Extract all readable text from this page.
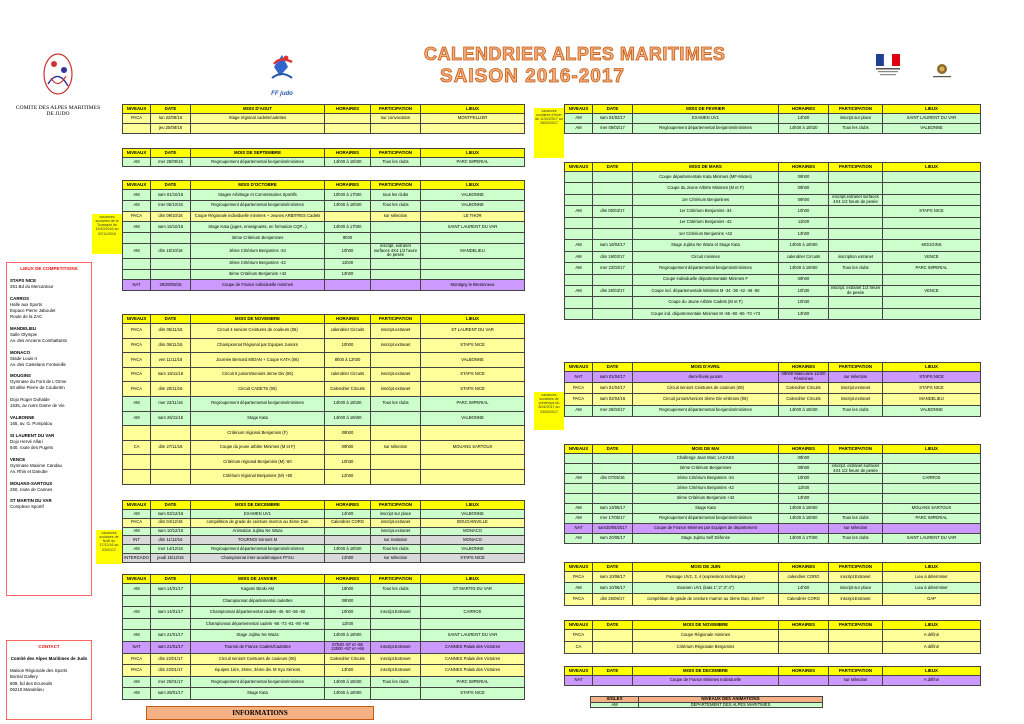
COMITE DES ALPES MARITIMES
DE JUDO
FF judo
CALENDRIER ALPES MARITIMES
SAISON 2016-2017
vacances scolaires d'hiver du 11/02/2017 au 26/02/2017
vacances scolaires de la Toussaint du 19/10/2016 au 02/11/2016
vacances scolaires de Noël du 17/12/16 au 03/01/17
vacances scolaires de printemps du 8/04/2017 au 23/04/2017
LIEUX DE COMPETITIONS
STAPS NICE
261 Bd du Mercantour
CARROS
Halle aux Sports
Espace Pierre Jaboulet
Route de la ZAC
MANDELIEU
Salle Olympie
Av. des Anciens Combattants
MONACO
Stade Louis II
Av. des Castelans Fontvieille
MOUGINS
Gymnase du Font de L'Orme
50 allée Pierre de Coubertin

Dojo Roger Duhalde
1635, av notre Dame de Vie
VALBONNE
165, av. G. Pompidou
St LAURENT DU VAR
Dojo Hervé Allari
840, route des Pugets
VENCE
Gymnase Maxime Candau
Av. Rhin et Danube
MOUANS-SARTOUX
250, route de Cannes
ST MARTIN DU VAR
Complexe Sportif
CONTACT
Comité des Alpes Maritimes de Judo
Maison Régionale des Sports
Boréal Gallery
809, bd des Ecureuils
06210 Mandelieu
INFORMATIONS
NIVEAUX	DATE	MOIS D'AOUT	HORAIRES	PARTICIPATION	LIEUX
PACA	lun 22/08/16	Stage régional cadets/cadettes		sur convocation	MONTPELLIER
	jeu 25/08/16				
NIVEAUX	DATE	MOIS DE SEPTEMBRE	HORAIRES	PARTICIPATION	LIEUX
AM	mer 28/09/16	Regroupement départemental benjamins/minimes	14h00 à 15h30	Tous les clubs	PARC IMPERIAL
NIVEAUX	DATE	MOIS D'OCTOBRE	HORAIRES	PARTICIPATION	LIEUX
AM	sam 01/10/16	Stages Arbitrage et Commissaires Sportifs	10h00 à 17h00	tous les clubs	VALBONNE
AM	mer 05/10/16	Regroupement départemental benjamins/minimes	14h00 à 15h30	Tous les clubs	VALBONNE
PACA	dim 09/10/16	Coupe Régionale individuelle minimes + Jeunes ARBITRES Cadets		sur sélection	LE THOR
AM	sam 15/10/16	Stage Kata (juges, enseignants, en formation CQP...)	14h00 à 17h00		SAINT LAURENT DU VAR
		3ème Critérium Benjamines	9h00		
AM	dim 16/10/16	3ème Critérium Benjamins -34	10h00	inscript. extranet surfaces 4X4 1/2 heure de pesée	MANDELIEU
		3ème Critérium Benjamins -42	11h00		
		3ème Critérium Benjamins +42	13h00		
NAT	29/30/09/16	Coupe de France individuelle minimes			Montigny le Bretonneux
NIVEAUX	DATE	MOIS DE NOVEMBRE	HORAIRES	PARTICIPATION	LIEUX
PACA	dim 06/11/16	Circuit 4 seniors Ceintures de couleurs (06)	calendrier Circuits	inscript.extranet	ST LAURENT DU VAR
PACA	dim 06/11/16	Championnat Régional par Equipes Juniors	10h00	inscript.extranet	STAPS NICE
PACA	ven 11/11/16	Journée Bernard MIDAN + Coupe KATA (06)	8h00 à 12h00		VALBONNE
PACA	sam 19/11/16	Circuit 5 juniors/seniors 3ème Div (06)	calendrier Circuits	inscript.extranet	STAPS NICE
PACA	dim 20/11/16	Circuit CADETS (06)	Calendrier Circuits	inscript.extranet	STAPS NICE
AM	mer 23/11/16	Regroupement départemental benjamins/minimes	14h00 à 15h30	Tous les clubs	PARC IMPERIAL
AM	sam 26/11/16	Stage Kata	14h00 à 16h00		VALBONNE
		Critérium régional Benjamins (F)	09h00		
CA	dim 27/11/16	Coupe du jeune arbitre Minimes (M et F)	09h00	sur sélection	MOUANS SARTOUX
		Critérium régional Benjamins (M) -50	10h30		
		Critérium régional Benjamins (M) +50	12h00		
NIVEAUX	DATE	MOIS DE DECEMBRE	HORAIRES	PARTICIPATION	LIEUX
AM	sam 03/12/16	EXAMEN UV1	14h00	inscript sur place	VALBONNE
PACA	dim 04/12/16	compétition de grade de ceinture marron au 3ème Dan	Calendrier CORG	inscript.extranet	BOUGAINVILLE
AM	sam 10/12/16	Animation Jujitsu Ne Waza		inscript.extranet	MONACO
INT	dim 11/12/16	TOURNOI Séniors M		sur invitation	MONACO
AM	mer 14/12/16	Regroupement départemental benjamins/minimes	14h00 à 15h30	Tous les clubs	VALBONNE
INTERGADO	jeudi 15/12/16	Championnat inter-académiques FFSU	12h00	sur sélection	STAPS NICE
NIVEAUX	DATE	MOIS DE JANVIER	HORAIRES	PARTICIPATION	LIEUX
AM	sam 14/01/17	Kagami Biraki AM	18h00	Tous les clubs	ST MARTIN DU VAR
		Championnat départemental cadettes	09h00		
AM	sam 14/01/17	Championnat départemental cadets -46 -50 -55 -60	10h00	inscript.Extranet	CARROS
		Championnat départemental cadets -66 -73 -81 -90 +90	11h00		
AM	sam 21/01/17	Stage Jujitsu Ne Waza	14h00 à 16h00		SAINT LAURENT DU VAR
NAT	sam 21/01/17	Tournoi de France Cadets/Cadettes	07h30 -57 et -66 13h00 +57 et +66	inscript.Extranet	CANNES Palais des Victoires
PACA	dim 22/01/17	Circuit seniors Ceintures de couleurs (06)	Calendrier Circuits	inscript.Extranet	CANNES Palais des Victoires
PACA	dim 22/01/17	équipes 1ère, 2ème, 3ème div. M Kyu Séniors	13h00	inscript.Extranet	CANNES Palais des Victoires
AM	mer 25/01/17	Regroupement départemental benjamins/minimes	14h00 à 15h30	Tous les clubs	PARC IMPERIAL
AM	sam 28/01/17	Stage Kata	14h00 à 16h00		STAPS NICE
NIVEAUX	DATE	MOIS DE FEVRIER	HORAIRES	PARTICIPATION	LIEUX
AM	sam 04/02/17	EXAMEN UV1	14h00	inscript.sur place	SAINT LAURENT DU VAR
AM	mer 08/02/17	Regroupement départemental benjamins/minimes	14h00 à 15h30	Tous les clubs	VALBONNE
NIVEAUX	DATE	MOIS DE MARS	HORAIRES	PARTICIPATION	LIEUX
		Coupe départementale Kata Minimes (MF-Mixtes)	09h00		
		Coupe du Jeune Arbitre Minimes (M et F)	09h00		
		1er Critérium Benjamines	09h00	inscript.extranet surfaces 4X4 1/2 heure de pesée	
AM	dim 05/03/17	1er Critérium Benjamins -34	10h00		STAPS NICE
		1er Critérium Benjamins -42	11h00		
		1er Critérium Benjamins +42	13h00		
AM	sam 18/03/17	Stage Jujitsu Ne Waza et Stage Kata	14h00 à 16h00		MOUGINS
AM	dim 19/03/17	Circuit minimes	calendrier Circuits	inscription extranet	VENCE
AM	mer 22/03/17	Regroupement départemental benjamins/minimes	14h00 à 16h00	Tous les clubs	PARC IMPERIAL
		Coupe individuelle départementale Minimes F	09h00		
AM	dim 26/03/17	Coupe ind. départementale Minimes M -34 -38 -42 -46 -50	10h30	inscript. extranet 1/2 heure de pesée	VENCE
		Coupe du Jeune Arbitre Cadets (M et F)	10h30		
		Coupe ind. départementale Minimes M -55 -60 -66 -73 +73	13h00		
NIVEAUX	DATE	MOIS D'AVRIL	HORAIRES	PARTICIPATION	LIEUX
NAT	sam 01/04/17	demi-finale juniors	09h00 Masculins 11h00 Féminines	sur sélection	STAPS NICE
PACA	sam 01/04/17	Circuit seniors Ceintures de couleurs (06)	Calendrier Circuits	inscript.extranet	STAPS NICE
PACA	sam 02/04/16	Circuit juniors/seniors 3ème Div vétérans (06)	Calendrier Circuits	inscript.extranet	MANDELIEU
AM	mer 26/04/17	Regroupement départemental benjamins/minimes	14h00 à 15h30	Tous les clubs	VALBONNE
NIVEAUX	DATE	MOIS DE MAI	HORAIRES	PARTICIPATION	LIEUX
		Challenge Jean Marc LACASS	09h00		
		2ème Critérium Benjamines	09h00	inscript. extranet surfaces 4X4 1/2 heure de pesée	
AM	dim 07/05/16	2ème Critérium Benjamins -34	10h00		CARROS
		2ème Critérium Benjamins -42	11h00		
		2ème Critérium Benjamins +42	13h00		
AM	sam 13/05/17	Stage Kata	14h00 à 16h00		MOUANS SARTOUX
AM	mer 17/05/17	Regroupement départemental benjamins/minimes	14h00 à 16h00	Tous les clubs	PARC IMPERIAL
NAT	sam20/05/2017	Coupe de France Minimes par Equipes de département		sur sélection	
AM	sam 20/05/17	Stage Jujitsu Self Défense	14h00 à 17h00	Tous les clubs	SAINT LAURENT DU VAR
NIVEAUX	DATE	MOIS DE JUIN	HORAIRES	PARTICIPATION	LIEUX
PACA	sam 10/06/17	Passage UV2, 3, 4 (expression technique)	calendrier CORG	inscript.Extranet	Lieu à déterminer
AM	sam 10/06/17	Examen UV1 (kata 1",2",3",4")	14h00	inscript.sur place	Lieu à déterminer
PACA	dim 25/06/17	compétition de grade de ceinture marron au 3ème Dan, 4ème?	Calendrier CORG	inscript.Extranet	GAP
NIVEAUX	DATE	MOIS DE NOVEMBRE	HORAIRES	PARTICIPATION	LIEUX
PACA		Coupe Régionale minimes			A définir
CA		Critérium Régionale Benjamins			A définir
NIVEAUX	DATE	MOIS DE DECEMBRE	HORAIRES	PARTICIPATION	LIEUX
NAT		Coupe de France Minimes Individuelle		sur sélection	A définir
SIGLES	NIVEAUX DES ANIMATIONS
AM	DEPARTEMENT DES ALPES MARITIMES
